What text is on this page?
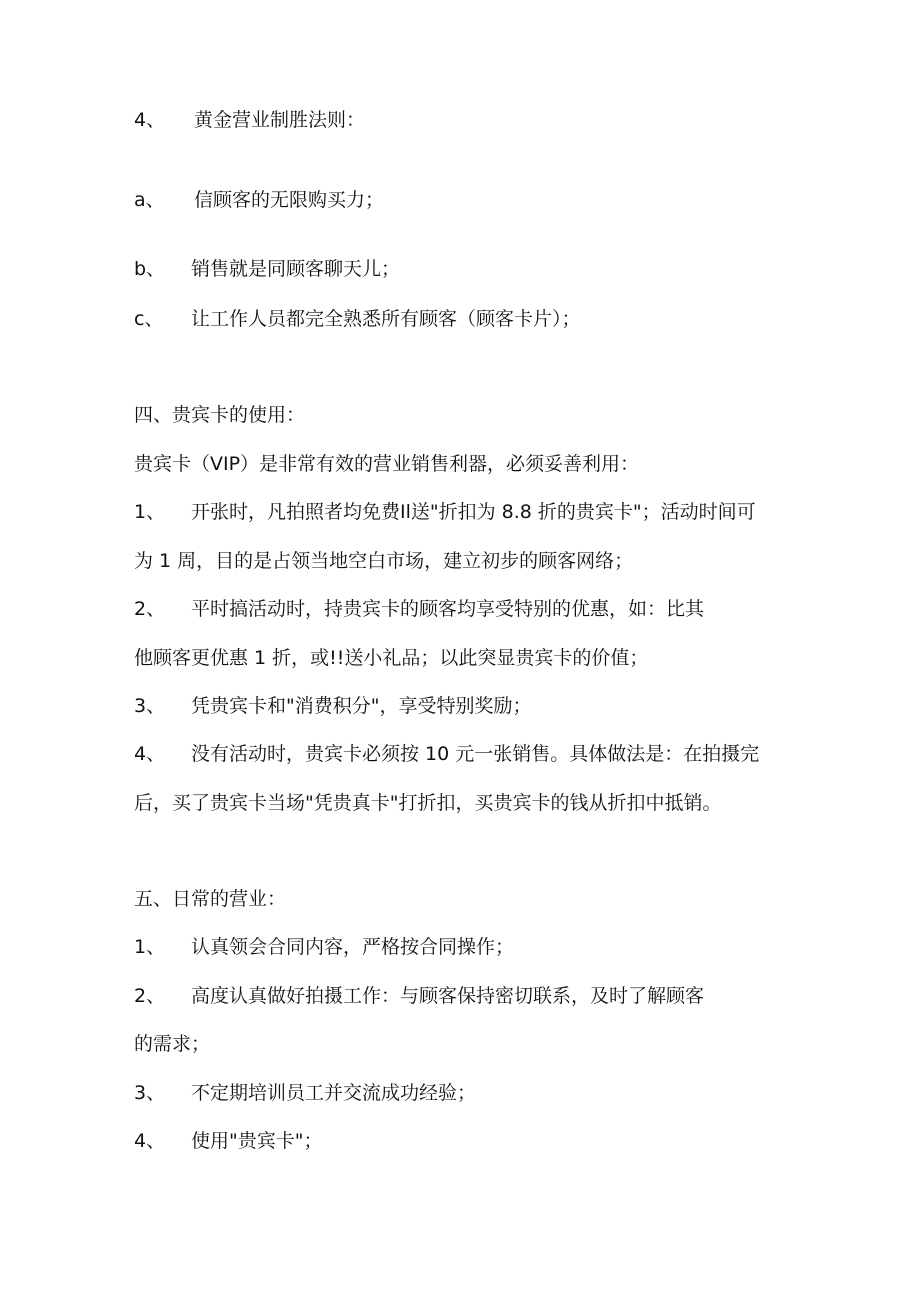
4、 黄金营业制胜法则：
a、 信顾客的无限购买力；
b、 销售就是同顾客聊天儿；
c、 让工作人员都完全熟悉所有顾客（顾客卡片）；
四、贵宾卡的使用：
贵宾卡（VIP）是非常有效的营业销售利器，必须妥善利用：
1、 开张时，凡拍照者均免费Il送"折扣为 8.8 折的贵宾卡"；活动时间可
为 1 周，目的是占领当地空白市场，建立初步的顾客网络；
2、 平时搞活动时，持贵宾卡的顾客均享受特别的优惠，如：比其
他顾客更优惠 1 折，或!!送小礼品；以此突显贵宾卡的价值；
3、 凭贵宾卡和"消费积分"，享受特别奖励；
4、 没有活动时，贵宾卡必须按 10 元一张销售。具体做法是：在拍摄完
后，买了贵宾卡当场"凭贵真卡"打折扣，买贵宾卡的钱从折扣中抵销。
五、日常的营业：
1、 认真领会合同内容，严格按合同操作；
2、 高度认真做好拍摄工作：与顾客保持密切联系，及时了解顾客
的需求；
3、 不定期培训员工并交流成功经验；
4、 使用"贵宾卡"；
